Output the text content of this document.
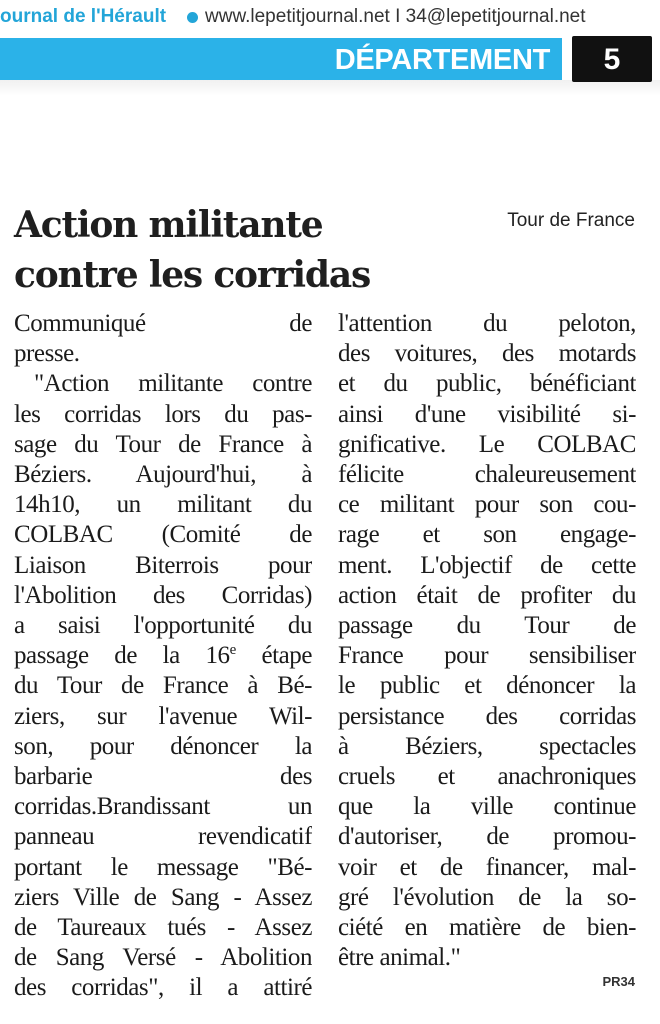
ournal de l'Hérault www.lepetitjournal.net I 34@lepetitjournal.net
DÉPARTEMENT	5
Action militante
contre les corridas
Tour de France
Communiqué de
presse.
"Action militante contre
les corridas lors du pas-
sage du Tour de France à
Béziers. Aujourd'hui, à
14h10, un militant du
COLBAC (Comité de
Liaison Biterrois pour
l'Abolition des Corridas)
a saisi l'opportunité du
passage de la 16e étape
du Tour de France à Bé-
ziers, sur l'avenue Wil-
son, pour dénoncer la
barbarie des
corridas.Brandissant un
panneau revendicatif
portant le message "Bé-
ziers Ville de Sang - Assez
de Taureaux tués - Assez
de Sang Versé - Abolition
des corridas", il a attiré
l'attention du peloton,
des voitures, des motards
et du public, bénéficiant
ainsi d'une visibilité si-
gnificative. Le COLBAC
félicite chaleureusement
ce militant pour son cou-
rage et son engage-
ment. L'objectif de cette
action était de profiter du
passage du Tour de
France pour sensibiliser
le public et dénoncer la
persistance des corridas
à Béziers, spectacles
cruels et anachroniques
que la ville continue
d'autoriser, de promou-
voir et de financer, mal-
gré l'évolution de la so-
ciété en matière de bien-
être animal."
PR34
